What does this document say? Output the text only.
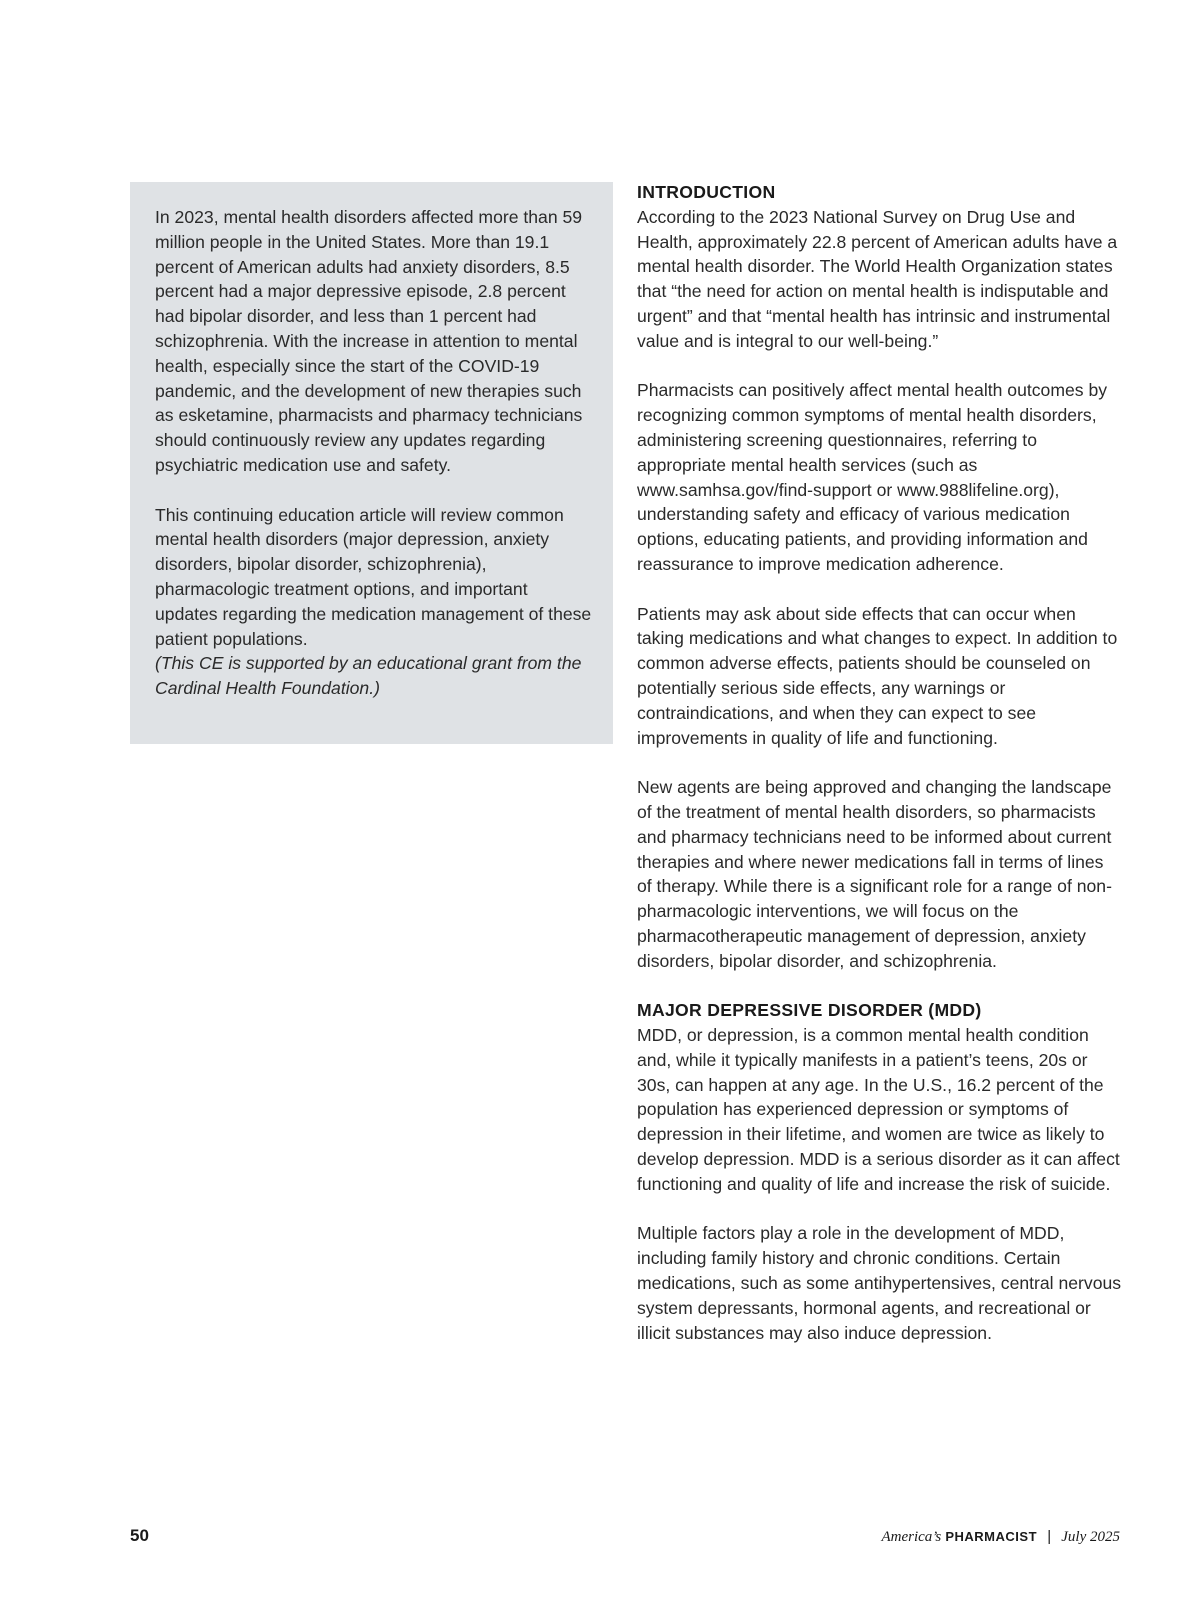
In 2023, mental health disorders affected more than 59 million people in the United States. More than 19.1 percent of American adults had anxiety disorders, 8.5 percent had a major depressive episode, 2.8 percent had bipolar disorder, and less than 1 percent had schizophrenia. With the increase in attention to mental health, especially since the start of the COVID-19 pandemic, and the development of new therapies such as esketamine, pharmacists and pharmacy technicians should continuously review any updates regarding psychiatric medication use and safety.

This continuing education article will review common mental health disorders (major depression, anxiety disorders, bipolar disorder, schizophrenia), pharmacologic treatment options, and important updates regarding the medication management of these patient populations.
(This CE is supported by an educational grant from the Cardinal Health Foundation.)

INTRODUCTION

According to the 2023 National Survey on Drug Use and Health, approximately 22.8 percent of American adults have a mental health disorder. The World Health Organization states that “the need for action on mental health is indisputable and urgent” and that “mental health has intrinsic and instrumental value and is integral to our well-being.”

Pharmacists can positively affect mental health outcomes by recognizing common symptoms of mental health disorders, administering screening questionnaires, referring to appropriate mental health services (such as www.samhsa.gov/find-support or www.988lifeline.org), understanding safety and efficacy of various medication options, educating patients, and providing information and reassurance to improve medication adherence.

Patients may ask about side effects that can occur when taking medications and what changes to expect. In addition to common adverse effects, patients should be counseled on potentially serious side effects, any warnings or contraindications, and when they can expect to see improvements in quality of life and functioning.

New agents are being approved and changing the landscape of the treatment of mental health disorders, so pharmacists and pharmacy technicians need to be informed about current therapies and where newer medications fall in terms of lines of therapy. While there is a significant role for a range of non-pharmacologic interventions, we will focus on the pharmacotherapeutic management of depression, anxiety disorders, bipolar disorder, and schizophrenia.

MAJOR DEPRESSIVE DISORDER (MDD)

MDD, or depression, is a common mental health condition and, while it typically manifests in a patient’s teens, 20s or 30s, can happen at any age. In the U.S., 16.2 percent of the population has experienced depression or symptoms of depression in their lifetime, and women are twice as likely to develop depression. MDD is a serious disorder as it can affect functioning and quality of life and increase the risk of suicide.

Multiple factors play a role in the development of MDD, including family history and chronic conditions. Certain medications, such as some antihypertensives, central nervous system depressants, hormonal agents, and recreational or illicit substances may also induce depression.

50	America’s PHARMACIST | July 2025
